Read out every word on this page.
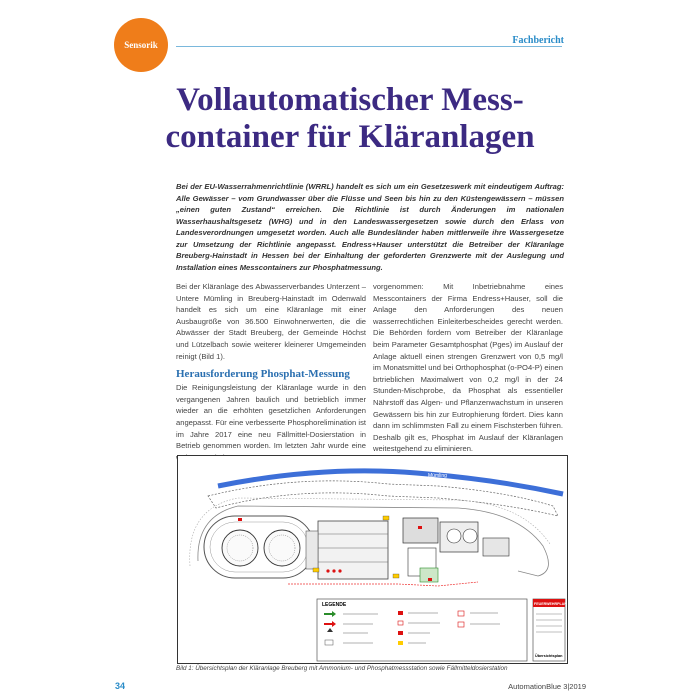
Sensorik	Fachbericht
Vollautomatischer Mess-
container für Kläranlagen
Bei der EU-Wasserrahmenrichtlinie (WRRL) handelt es sich um ein Gesetzeswerk mit eindeutigem Auftrag: Alle Gewässer – vom Grundwasser über die Flüsse und Seen bis hin zu den Küstengewässern – müssen „einen guten Zustand“ erreichen. Die Richtlinie ist durch Änderungen im nationalen Wasserhaushaltsgesetz (WHG) und in den Landeswassergesetzen sowie durch den Erlass von Landesverordnungen umgesetzt worden. Auch alle Bundesländer haben mittlerweile ihre Wassergesetze zur Umsetzung der Richtlinie angepasst. Endress+Hauser unterstützt die Betreiber der Kläranlage Breuberg-Hainstadt in Hessen bei der Einhaltung der geforderten Grenzwerte mit der Auslegung und Installation eines Messcontainers zur Phosphatmessung.

Bei der Kläranlage des Abwasserverbandes Unterzent – Untere Mümling in Breuberg-Hainstadt im Odenwald handelt es sich um eine Kläranlage mit einer Ausbaugröße von 36.500 Einwohnerwerten, die die Abwässer der Stadt Breuberg, der Gemeinde Höchst und Lützelbach sowie weiterer kleinerer Umgemeinden reinigt (Bild 1).

Herausforderung Phosphat-Messung

Die Reinigungsleistung der Kläranlage wurde in den vergangenen Jahren baulich und betrieblich immer wieder an die erhöhten gesetzlichen Anforderungen angepasst. Für eine verbesserte Phosphorelimination ist im Jahre 2017 eine neu Fällmittel-Dosierstation in Betrieb genommen worden. Im letzten Jahr wurde eine

vorgenommen: Mit Inbetriebnahme eines Messcontainers der Firma Endress+Hauser, soll die Anlage den Anforderungen des neuen wasserrechtlichen Einleiterbescheides gerecht werden. Die Behörden fordern vom Betreiber der Kläranlage beim Parameter Gesamtphosphat (Pges) im Auslauf der Anlage aktuell einen strengen Grenzwert von 0,5 mg/l im Monatsmittel und bei Orthophosphat (o-PO4-P) einen brtrieblichen Maximalwert von 0,2 mg/l in der 24 Stunden-Mischprobe, da Phosphat als essentieller Nährstoff das Algen- und Pflanzenwachstum in unseren Gewässern bis hin zur Eutrophierung fördert. Dies kann dann im schlimmsten Fall zu einem Fischsterben führen. Deshalb gilt es, Phosphat im Auslauf der Kläranlagen weitestgehend zu eliminieren.

Mümling
LEGENDE	FEUERWEHRPLAN
Übersichtsplan
Bild 1: Übersichtsplan der Kläranlage Breuberg mit Ammonium- und Phosphatmessstation sowie Fällmitteldosierstation
34	AutomationBlue 3|2019
